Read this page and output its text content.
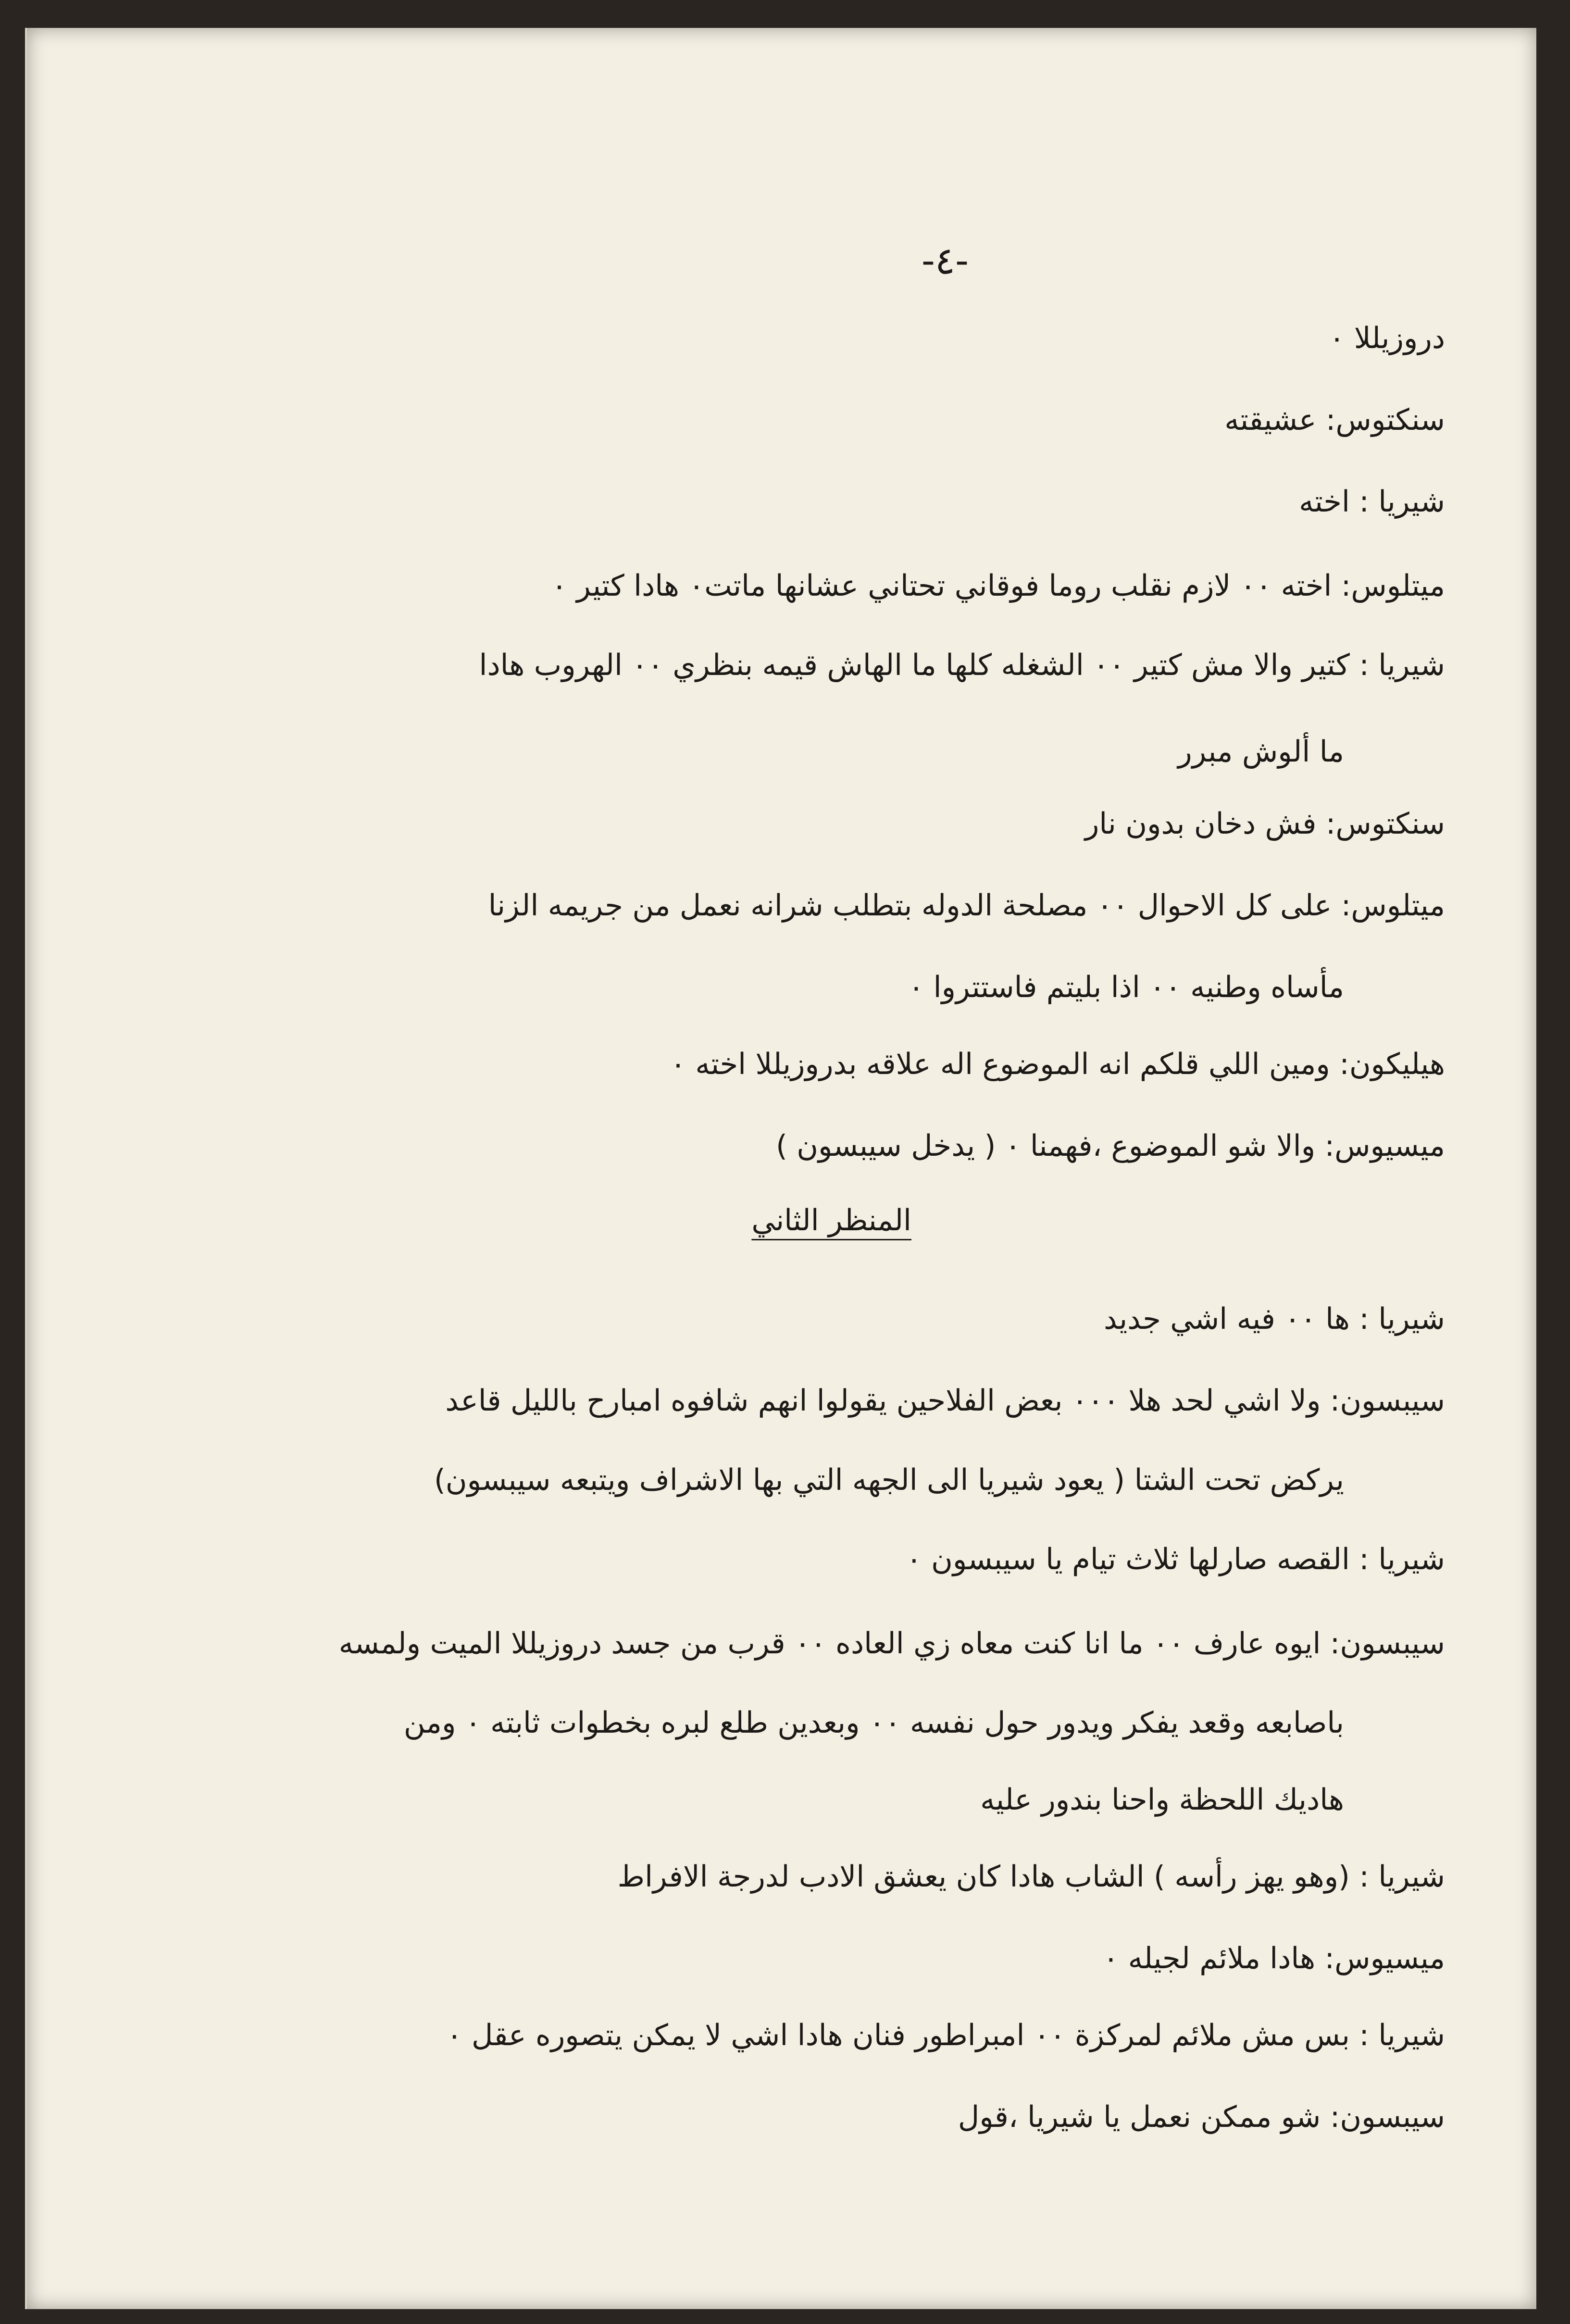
-٤-
دروزيللا ٠
سنكتوس: عشيقته
شيريا : اخته
ميتلوس: اخته ٠٠ لازم نقلب روما فوقاني تحتاني عشانها ماتت٠ هادا كتير ٠
شيريا : كتير والا مش كتير ٠٠ الشغله كلها ما الهاش قيمه بنظري ٠٠ الهروب هادا
ما ألوش مبرر
سنكتوس: فش دخان بدون نار
ميتلوس: على كل الاحوال ٠٠ مصلحة الدوله بتطلب شرانه نعمل من جريمه الزنا
مأساه وطنيه ٠٠ اذا بليتم فاستتروا ٠
هيليكون: ومين اللي قلكم انه الموضوع اله علاقه بدروزيللا اخته ٠
ميسيوس: والا شو الموضوع ،فهمنا ٠ ( يدخل سيبسون )
المنظر الثاني
شيريا : ها ٠٠ فيه اشي جديد
سيبسون: ولا اشي لحد هلا ٠٠٠ بعض الفلاحين يقولوا انهم شافوه امبارح بالليل قاعد
يركض تحت الشتا ( يعود شيريا الى الجهه التي بها الاشراف ويتبعه سيبسون)
شيريا : القصه صارلها ثلاث تيام يا سيبسون ٠
سيبسون: ايوه عارف ٠٠ ما انا كنت معاه زي العاده ٠٠ قرب من جسد دروزيللا الميت ولمسه
باصابعه وقعد يفكر ويدور حول نفسه ٠٠ وبعدين طلع لبره بخطوات ثابته ٠ ومن
هاديك اللحظة واحنا بندور عليه
شيريا : (وهو يهز رأسه ) الشاب هادا كان يعشق الادب لدرجة الافراط
ميسيوس: هادا ملائم لجيله ٠
شيريا : بس مش ملائم لمركزة ٠٠ امبراطور فنان هادا اشي لا يمكن يتصوره عقل ٠
سيبسون: شو ممكن نعمل يا شيريا ،قول
